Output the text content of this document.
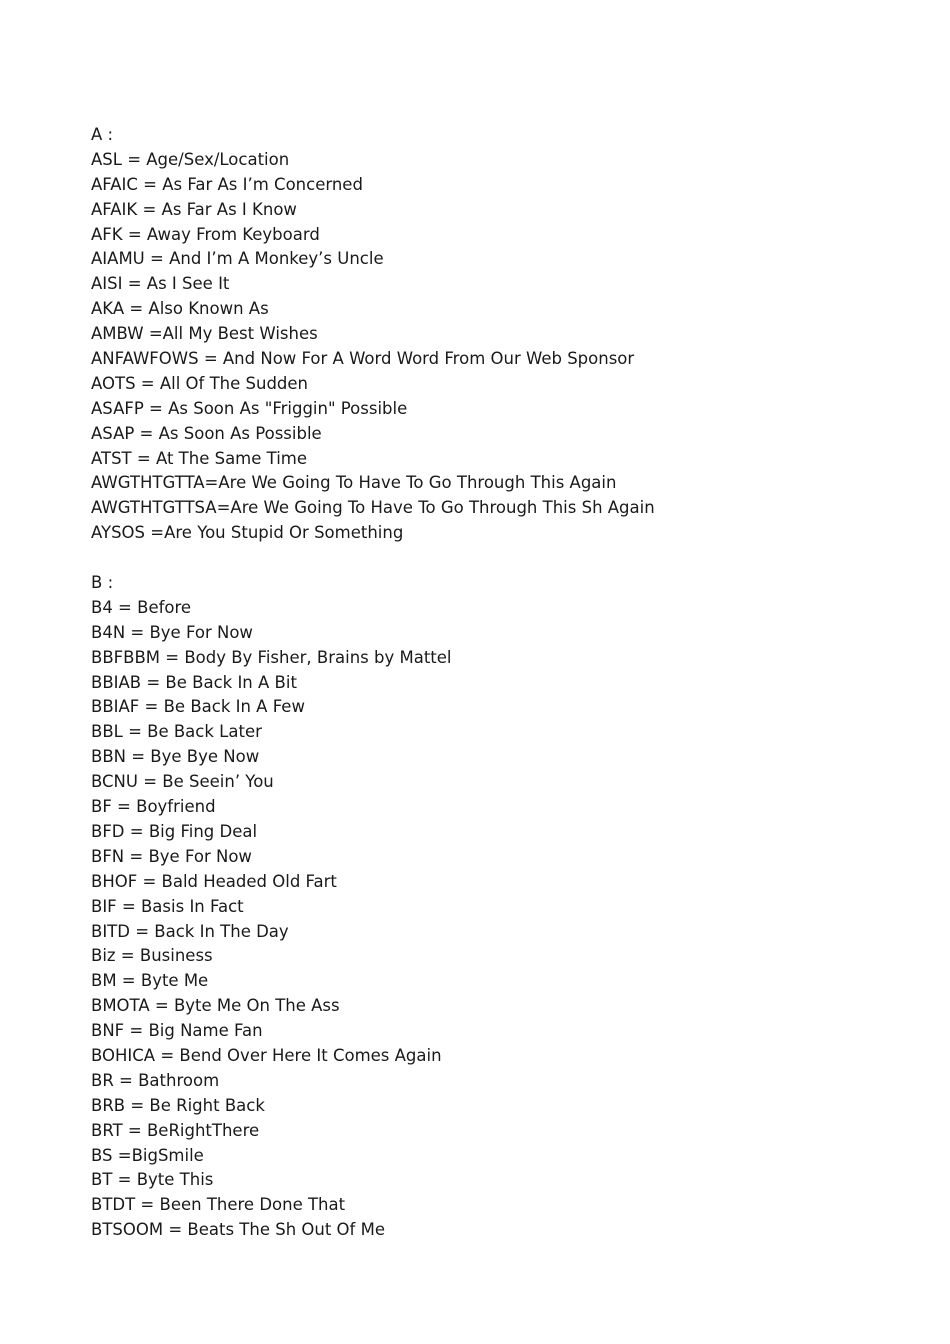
A :
ASL = Age/Sex/Location
AFAIC = As Far As I’m Concerned
AFAIK = As Far As I Know
AFK = Away From Keyboard
AIAMU = And I’m A Monkey’s Uncle
AISI = As I See It
AKA = Also Known As
AMBW =All My Best Wishes
ANFAWFOWS = And Now For A Word Word From Our Web Sponsor
AOTS = All Of The Sudden
ASAFP = As Soon As "Friggin" Possible
ASAP = As Soon As Possible
ATST = At The Same Time
AWGTHTGTTA=Are We Going To Have To Go Through This Again
AWGTHTGTTSA=Are We Going To Have To Go Through This Sh Again
AYSOS =Are You Stupid Or Something
B :
B4 = Before
B4N = Bye For Now
BBFBBM = Body By Fisher, Brains by Mattel
BBIAB = Be Back In A Bit
BBIAF = Be Back In A Few
BBL = Be Back Later
BBN = Bye Bye Now
BCNU = Be Seein’ You
BF = Boyfriend
BFD = Big Fing Deal
BFN = Bye For Now
BHOF = Bald Headed Old Fart
BIF = Basis In Fact
BITD = Back In The Day
Biz = Business
BM = Byte Me
BMOTA = Byte Me On The Ass
BNF = Big Name Fan
BOHICA = Bend Over Here It Comes Again
BR = Bathroom
BRB = Be Right Back
BRT = BeRightThere
BS =BigSmile
BT = Byte This
BTDT = Been There Done That
BTSOOM = Beats The Sh Out Of Me
